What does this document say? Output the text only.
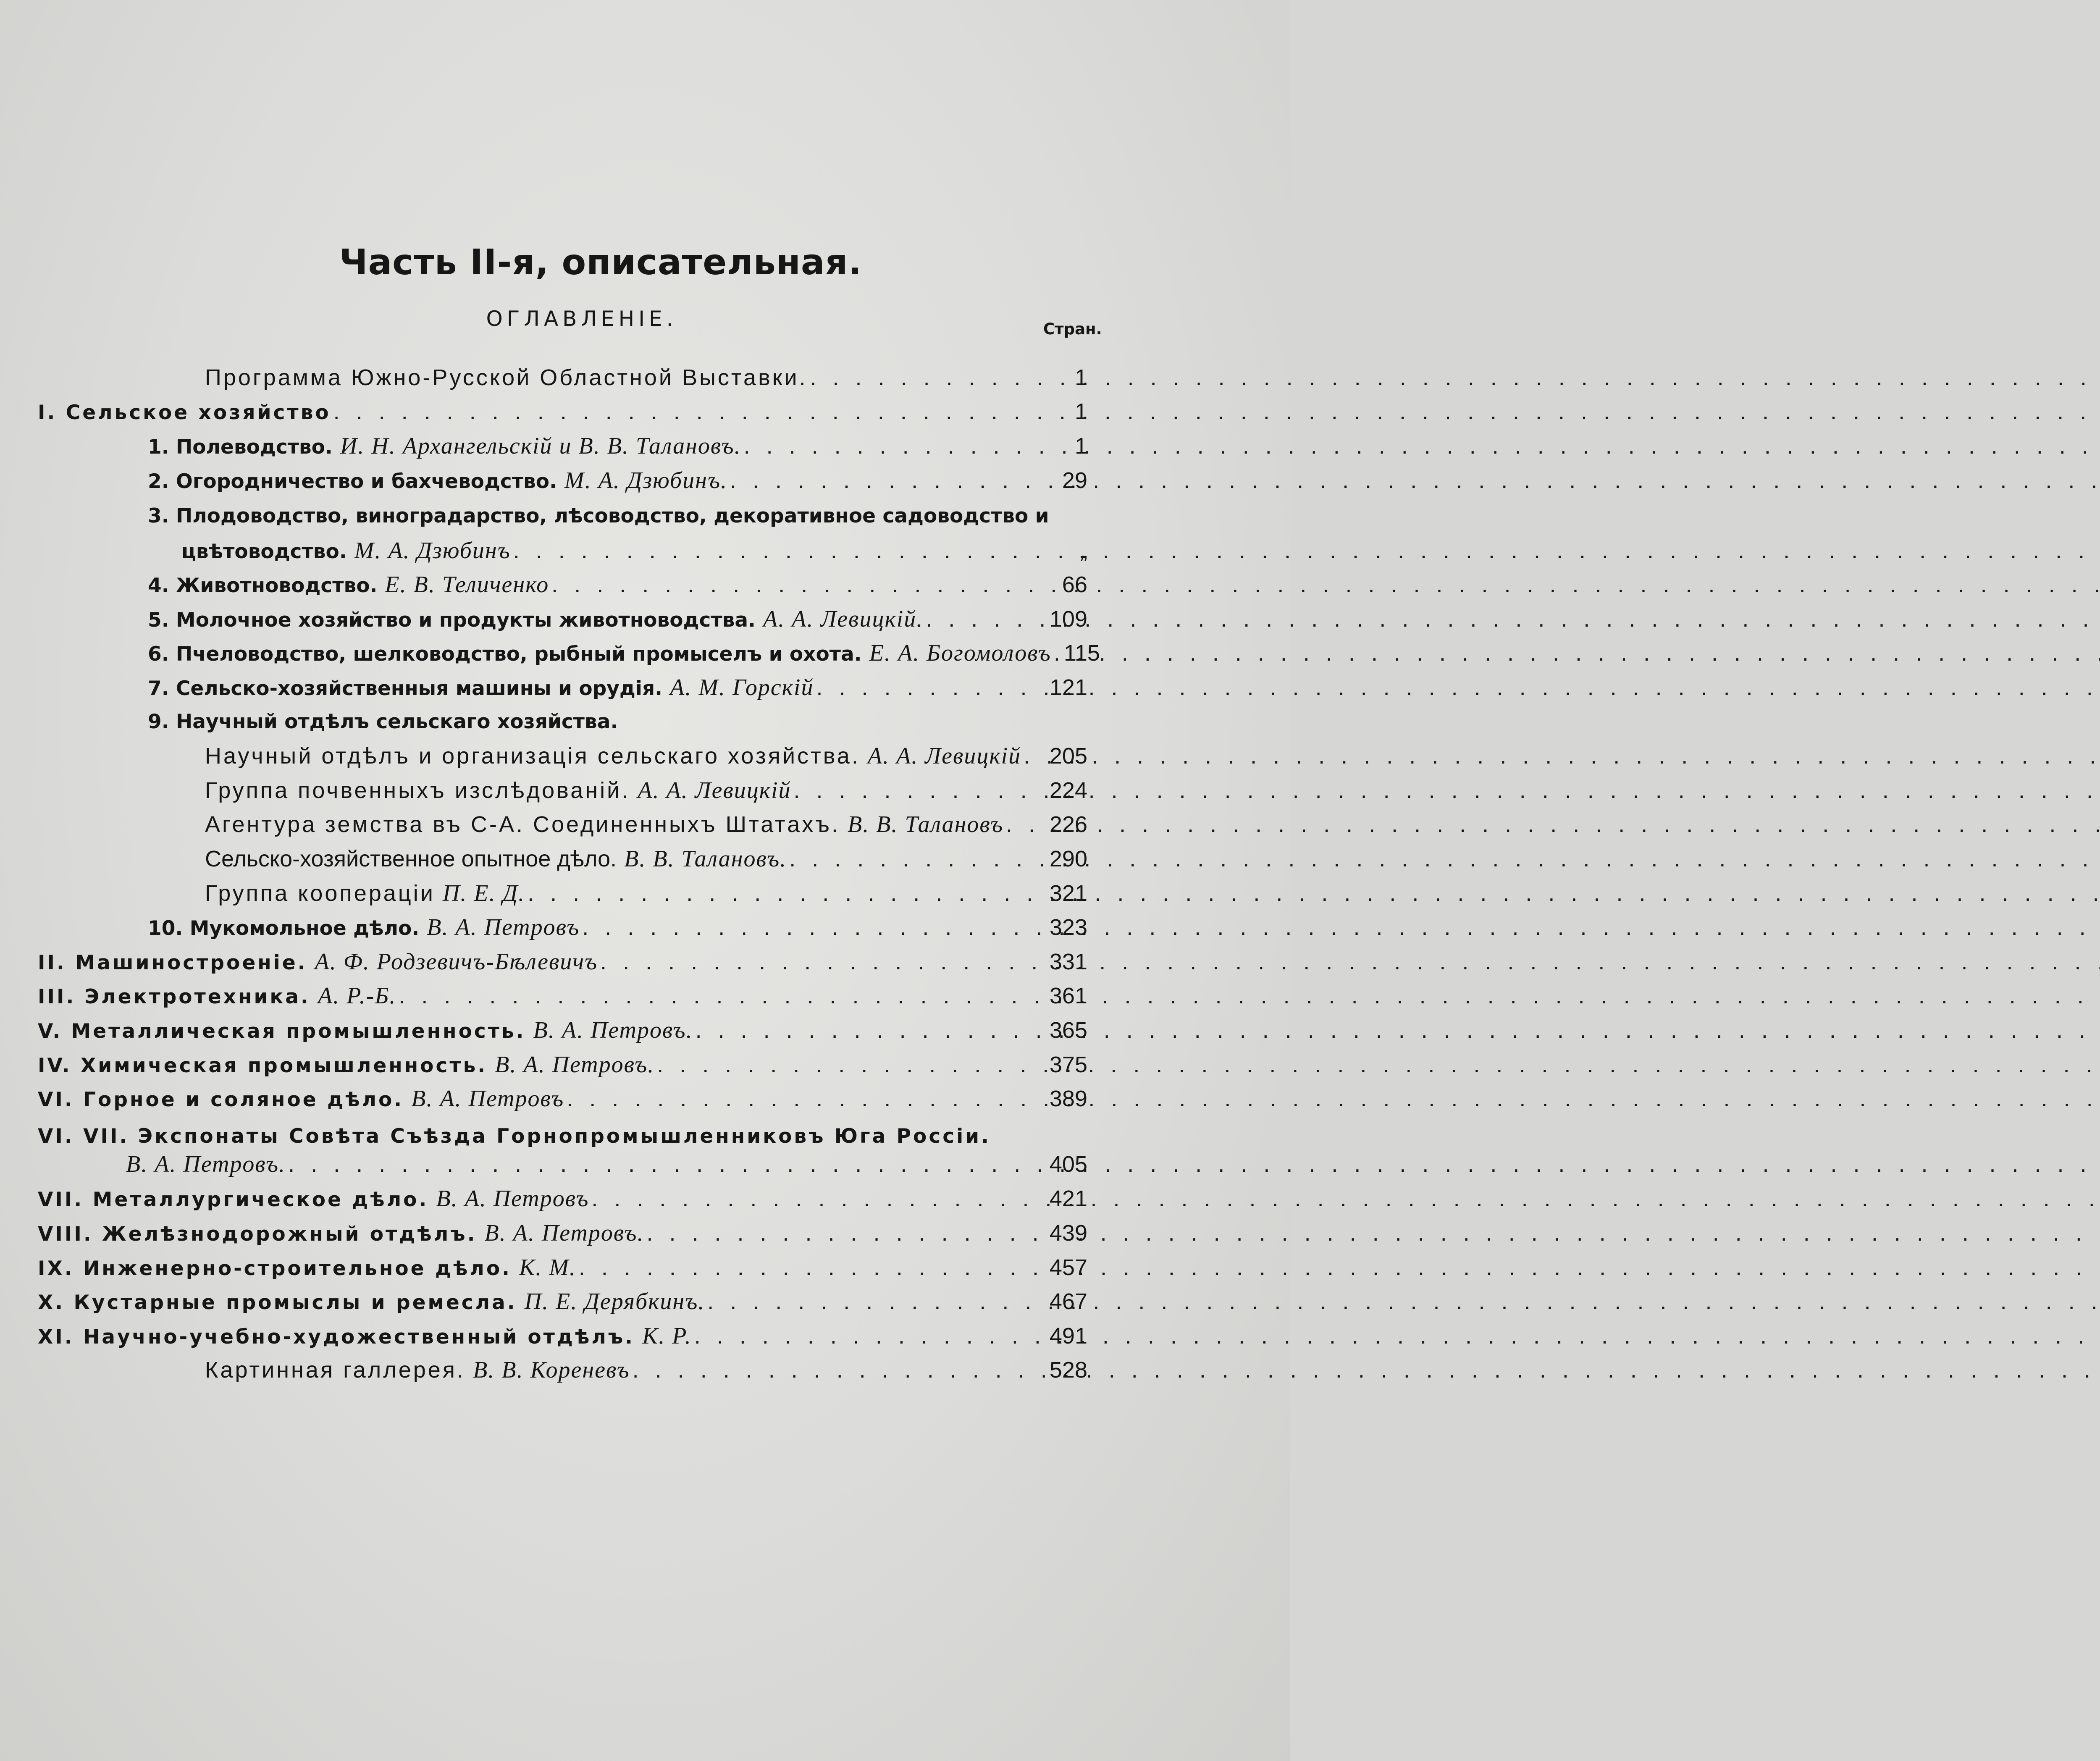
Часть II-я, описательная.
ОГЛАВЛЕНІЕ.	Стран.
Программа Южно-Русской Областной Выставки. . . .	1
I. Сельское хозяйство . . .	1
1. Полеводство. И. Н. Архангельскій и В. В. Талановъ. . . .	1
2. Огородничество и бахчеводство. М. А. Дзюбинъ. . . .	29
3. Плодоводство, виноградарство, лѣсоводство, декоративное садоводство и
цвѣтоводство. М. А. Дзюбинъ . . .	„
4. Животноводство. Е. В. Теличенко . . .	66
5. Молочное хозяйство и продукты животноводства. А. А. Левицкій. . . .	109
6. Пчеловодство, шелководство, рыбный промыселъ и охота. Е. А. Богомоловъ . . . 115
7. Сельско-хозяйственныя машины и орудія. А. М. Горскій . . .	121
9. Научный отдѣлъ сельскаго хозяйства.
Научный отдѣлъ и организація сельскаго хозяйства. А. А. Левицкій . . . 205
Группа почвенныхъ изслѣдованій. А. А. Левицкій . . .	224
Агентура земства въ С-А. Соединенныхъ Штатахъ. В. В. Талановъ . . . 226
Сельско-хозяйственное опытное дѣло. В. В. Талановъ. . . .	290
Группа коопераціи П. Е. Д. . . .	321
10. Мукомольное дѣло. В. А. Петровъ . . .	323
II. Машиностроеніе. А. Ф. Родзевичъ-Бѣлевичъ . . .	331
III. Электротехника. А. Р.-Б. . . .	361
V. Металлическая промышленность. В. А. Петровъ. . . .	365
IV. Химическая промышленность. В. А. Петровъ. . . .	375
VI. Горное и соляное дѣло. В. А. Петровъ . . .	389
VI. VII. Экспонаты Совѣта Съѣзда Горнопромышленниковъ Юга Россіи.
В. А. Петровъ. . . .	405
VII. Металлургическое дѣло. В. А. Петровъ . . .	421
VIII. Желѣзнодорожный отдѣлъ. В. А. Петровъ. . . .	439
IX. Инженерно-строительное дѣло. К. М. . . .	457
X. Кустарные промыслы и ремесла. П. Е. Дерябкинъ. . . .	467
XI. Научно-учебно-художественный отдѣлъ. К. Р. . . .	491
Картинная галлерея. В. В. Кореневъ . . .	528
